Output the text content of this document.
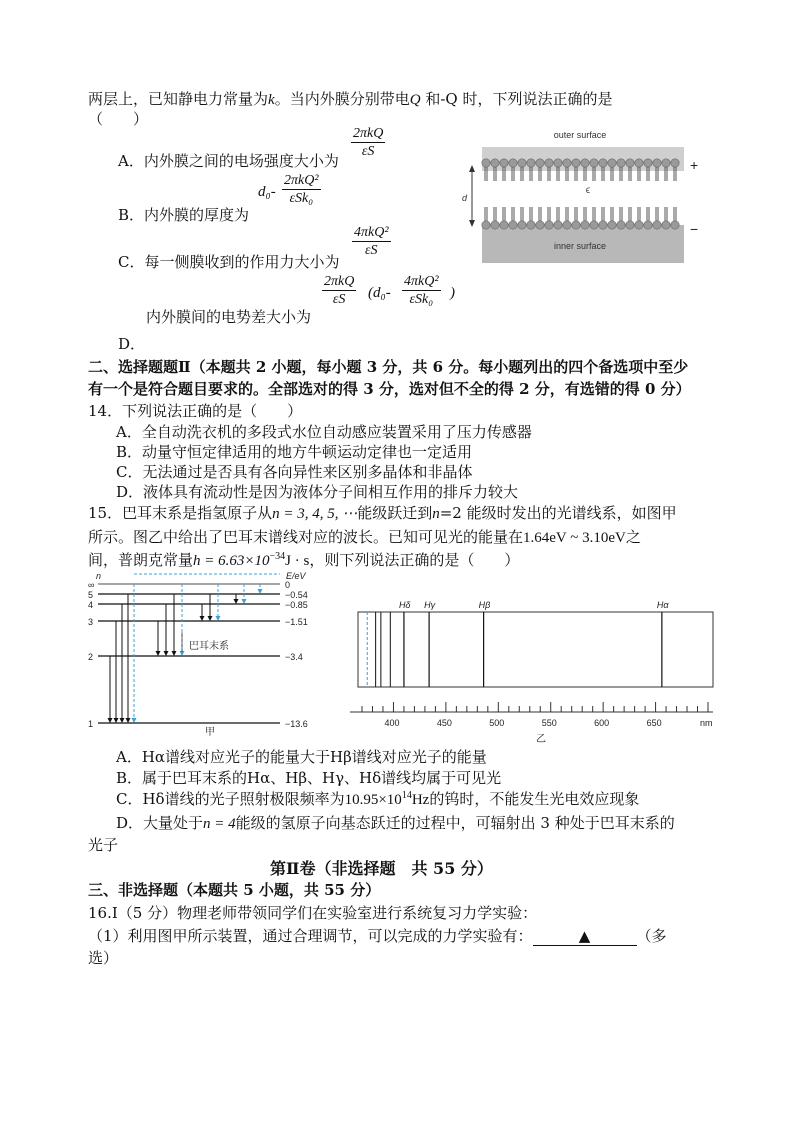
两层上，已知静电力常量为k。当内外膜分别带电Q 和-Q 时，下列说法正确的是
（　　）
2πkQ
εS
A．内外膜之间的电场强度大小为
d₀-
2πkQ²
εSk₀
B．内外膜的厚度为
4πkQ²
εS
C．每一侧膜收到的作用力大小为
2πkQ
εS	(d₀-
4πkQ²
εSk₀	)
内外膜间的电势差大小为
D．
outer surface
ϵ
inner surface
d
+
−
二、选择题题Ⅱ（本题共 2 小题，每小题 3 分，共 6 分。每小题列出的四个备选项中至少
有一个是符合题目要求的。全部选对的得 3 分，选对但不全的得 2 分，有选错的得 0 分）
14．下列说法正确的是（　　）
A．全自动洗衣机的多段式水位自动感应装置采用了压力传感器
B．动量守恒定律适用的地方牛顿运动定律也一定适用
C．无法通过是否具有各向异性来区别多晶体和非晶体
D．液体具有流动性是因为液体分子间相互作用的排斥力较大
15．巴耳末系是指氢原子从n = 3, 4, 5, ⋯能级跃迁到n=2 能级时发出的光谱线系，如图甲
所示。图乙中给出了巴耳末谱线对应的波长。已知可见光的能量在1.64eV ~ 3.10eV之
间，普朗克常量$h = 6.63\times 10^{-34}J \cdot s$，则下列说法正确的是（　　）
∞	0
5	−0.54
4	−0.85
3	−1.51
2	−3.4
1	−13.6
n	E/eV
巴耳末系
甲
Hδ Hγ	Hβ	Hα
400	450	500	550	600	650	nm
乙
A．Hα谱线对应光子的能量大于Hβ谱线对应光子的能量
B．属于巴耳末系的Hα、Hβ、Hγ、Hδ谱线均属于可见光
C．Hδ谱线的光子照射极限频率为$10.95\times 10^{14}Hz$的钨时，不能发生光电效应现象
D．大量处于n = 4能级的氢原子向基态跃迁的过程中，可辐射出 3 种处于巴耳末系的
光子
第Ⅱ卷（非选择题　共 55 分）
三、非选择题（本题共 5 小题，共 55 分）
16.Ⅰ（5 分）物理老师带领同学们在实验室进行系统复习力学实验：
（1）利用图甲所示装置，通过合理调节，可以完成的力学实验有：	▲	（多
选）
